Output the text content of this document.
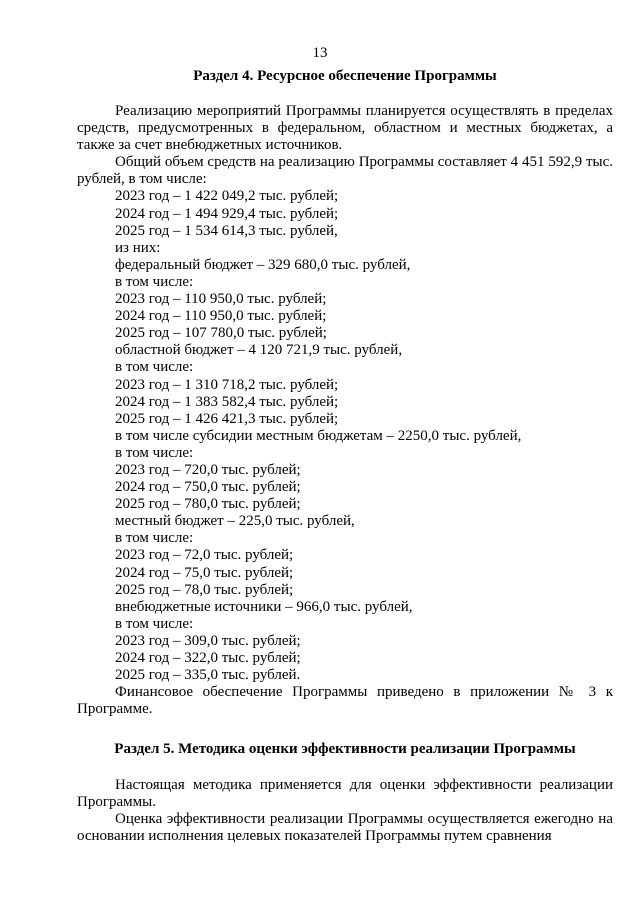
13
Раздел 4. Ресурсное обеспечение Программы

Реализацию мероприятий Программы планируется осуществлять в пределах средств, предусмотренных в федеральном, областном и местных бюджетах, а также за счет внебюджетных источников.

Общий объем средств на реализацию Программы составляет 4 451 592,9 тыс. рублей, в том числе:

2023 год – 1 422 049,2 тыс. рублей;

2024 год – 1 494 929,4 тыс. рублей;

2025 год – 1 534 614,3 тыс. рублей,

из них:

федеральный бюджет – 329 680,0 тыс. рублей,

в том числе:

2023 год – 110 950,0 тыс. рублей;

2024 год – 110 950,0 тыс. рублей;

2025 год – 107 780,0 тыс. рублей;

областной бюджет – 4 120 721,9 тыс. рублей,

в том числе:

2023 год – 1 310 718,2 тыс. рублей;

2024 год – 1 383 582,4 тыс. рублей;

2025 год – 1 426 421,3 тыс. рублей;

в том числе субсидии местным бюджетам – 2250,0 тыс. рублей,

в том числе:

2023 год – 720,0 тыс. рублей;

2024 год – 750,0 тыс. рублей;

2025 год – 780,0 тыс. рублей;

местный бюджет – 225,0 тыс. рублей,

в том числе:

2023 год – 72,0 тыс. рублей;

2024 год – 75,0 тыс. рублей;

2025 год – 78,0 тыс. рублей;

внебюджетные источники – 966,0 тыс. рублей,

в том числе:

2023 год – 309,0 тыс. рублей;

2024 год – 322,0 тыс. рублей;

2025 год – 335,0 тыс. рублей.

Финансовое обеспечение Программы приведено в приложении № 3 к Программе.

Раздел 5. Методика оценки эффективности реализации Программы

Настоящая методика применяется для оценки эффективности реализации Программы.

Оценка эффективности реализации Программы осуществляется ежегодно на основании исполнения целевых показателей Программы путем сравнения
